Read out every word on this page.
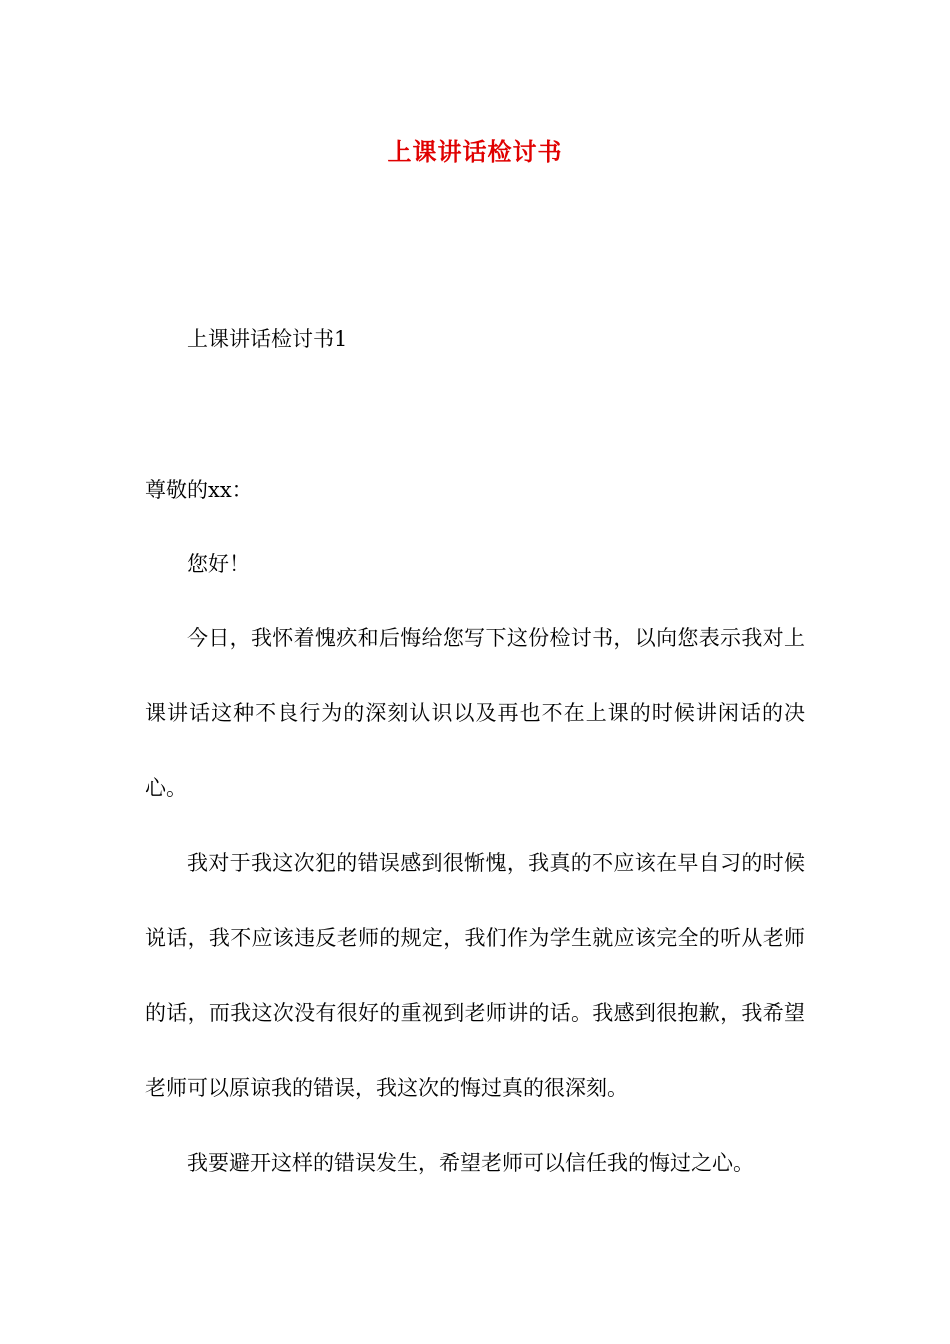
上课讲话检讨书

上课讲话检讨书1

尊敬的xx：

您好！

今日，我怀着愧疚和后悔给您写下这份检讨书，以向您表示我对上课讲话这种不良行为的深刻认识以及再也不在上课的时候讲闲话的决心。

我对于我这次犯的错误感到很惭愧，我真的不应该在早自习的时候说话，我不应该违反老师的规定，我们作为学生就应该完全的听从老师的话，而我这次没有很好的重视到老师讲的话。我感到很抱歉，我希望老师可以原谅我的错误，我这次的悔过真的很深刻。

我要避开这样的错误发生，希望老师可以信任我的悔过之心。
